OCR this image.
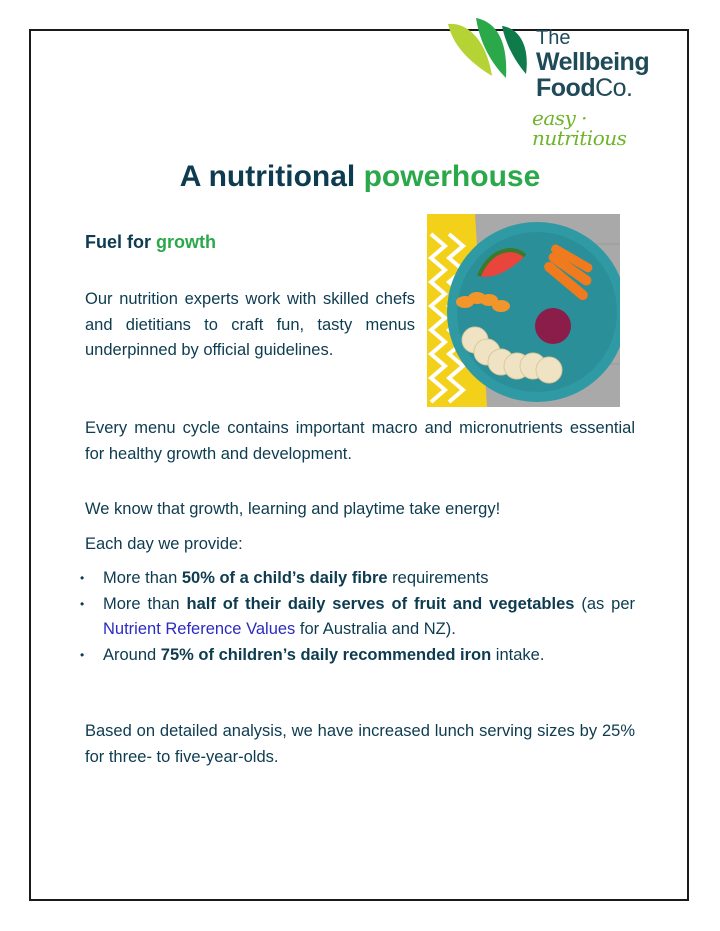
The
Wellbeing
FoodCo.
easy · nutritious
A nutritional powerhouse
Fuel for growth
Our nutrition experts work with skilled chefs and dietitians to craft fun, tasty menus underpinned by official guidelines.
Every menu cycle contains important macro and micronutrients essential for healthy growth and development.
We know that growth, learning and playtime take energy!
Each day we provide:
• More than 50% of a child’s daily fibre requirements
• More than half of their daily serves of fruit and vegetables (as per Nutrient Reference Values for Australia and NZ).
• Around 75% of children’s daily recommended iron intake.
Based on detailed analysis, we have increased lunch serving sizes by 25% for three- to five-year-olds.
